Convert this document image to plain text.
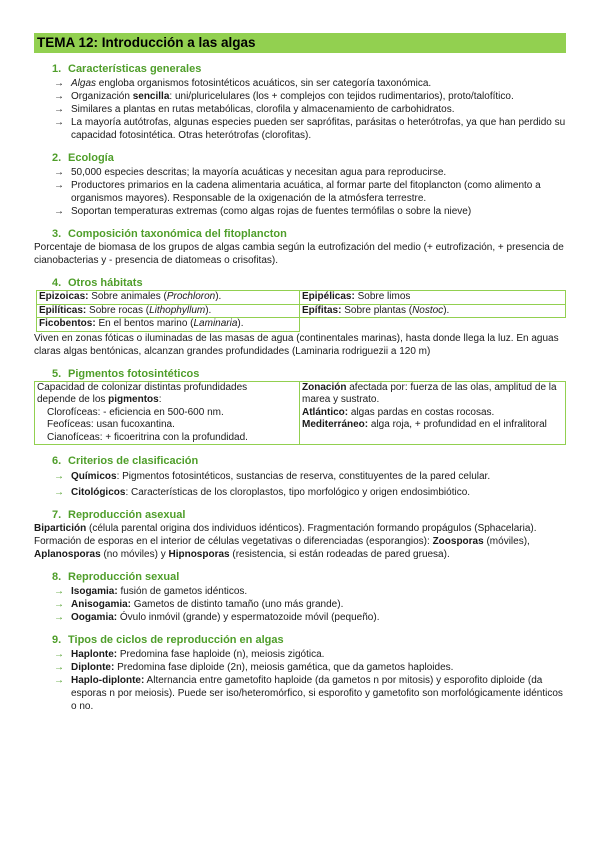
TEMA 12: Introducción a las algas
1. Características generales
→ Algas engloba organismos fotosintéticos acuáticos, sin ser categoría taxonómica.
→ Organización sencilla: uni/pluricelulares (los + complejos con tejidos rudimentarios), proto/talofítico.
→ Similares a plantas en rutas metabólicas, clorofila y almacenamiento de carbohidratos.
→ La mayoría autótrofas, algunas especies pueden ser saprófitas, parásitas o heterótrofas, ya que han perdido su capacidad fotosintética. Otras heterótrofas (clorofitas).
2. Ecología
→ 50,000 especies descritas; la mayoría acuáticas y necesitan agua para reproducirse.
→ Productores primarios en la cadena alimentaria acuática, al formar parte del fitoplancton (como alimento a organismos mayores). Responsable de la oxigenación de la atmósfera terrestre.
→ Soportan temperaturas extremas (como algas rojas de fuentes termófilas o sobre la nieve)
3. Composición taxonómica del fitoplancton

Porcentaje de biomasa de los grupos de algas cambia según la eutrofización del medio (+ eutrofización, + presencia de cianobacterias y - presencia de diatomeas o crisofitas).

4. Otros hábitats
Epizoicas: Sobre animales (Prochloron).	Epipélicas: Sobre limos
Epilíticas: Sobre rocas (Lithophyllum).	Epífitas: Sobre plantas (Nostoc).
Ficobentos: En el bentos marino (Laminaria).	

Viven en zonas fóticas o iluminadas de las masas de agua (continentales marinas), hasta donde llega la luz. En aguas claras algas bentónicas, alcanzan grandes profundidades (Laminaria rodriguezii a 120 m)

5. Pigmentos fotosintéticos
Capacidad de colonizar distintas profundidades
depende de los pigmentos:
Clorofíceas: - eficiencia en 500-600 nm.
Feofíceas: usan fucoxantina.
Cianofíceas: + ficoeritrina con la profundidad.

Zonación afectada por: fuerza de las olas, amplitud de la marea y sustrato.
Atlántico: algas pardas en costas rocosas.
Mediterráneo: alga roja, + profundidad en el infralitoral
6. Criterios de clasificación
→ Químicos: Pigmentos fotosintéticos, sustancias de reserva, constituyentes de la pared celular.
→ Citológicos: Características de los cloroplastos, tipo morfológico y origen endosimbiótico.
7. Reproducción asexual

Bipartición (célula parental origina dos individuos idénticos). Fragmentación formando propágulos (Sphacelaria).

Formación de esporas en el interior de células vegetativas o diferenciadas (esporangios): Zoosporas (móviles), Aplanosporas (no móviles) y Hipnosporas (resistencia, si están rodeadas de pared gruesa).

8. Reproducción sexual
→ Isogamia: fusión de gametos idénticos.
→ Anisogamia: Gametos de distinto tamaño (uno más grande).
→ Oogamia: Óvulo inmóvil (grande) y espermatozoide móvil (pequeño).
9. Tipos de ciclos de reproducción en algas
→ Haplonte: Predomina fase haploide (n), meiosis zigótica.
→ Diplonte: Predomina fase diploide (2n), meiosis gamética, que da gametos haploides.
→ Haplo-diplonte: Alternancia entre gametofito haploide (da gametos n por mitosis) y esporofito diploide (da esporas n por meiosis). Puede ser iso/heteromórfico, si esporofito y gametofito son morfológicamente idénticos o no.
